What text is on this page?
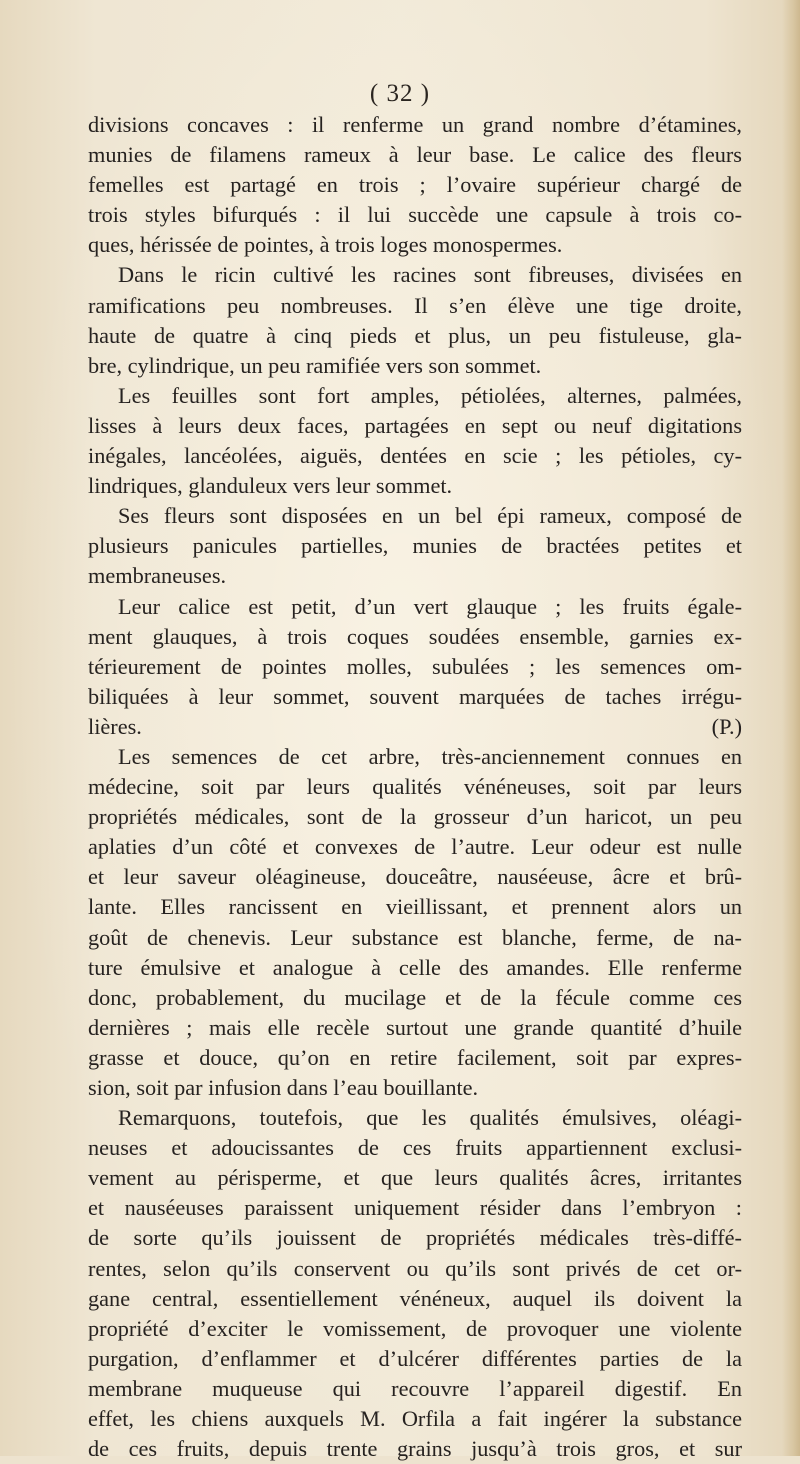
( 32 )

divisions concaves : il renferme un grand nombre d’étamines,
munies de filamens rameux à leur base. Le calice des fleurs
femelles est partagé en trois ; l’ovaire supérieur chargé de
trois styles bifurqués : il lui succède une capsule à trois co-
ques, hérissée de pointes, à trois loges monospermes.

Dans le ricin cultivé les racines sont fibreuses, divisées en
ramifications peu nombreuses. Il s’en élève une tige droite,
haute de quatre à cinq pieds et plus, un peu fistuleuse, gla-
bre, cylindrique, un peu ramifiée vers son sommet.

Les feuilles sont fort amples, pétiolées, alternes, palmées,
lisses à leurs deux faces, partagées en sept ou neuf digitations
inégales, lancéolées, aiguës, dentées en scie ; les pétioles, cy-
lindriques, glanduleux vers leur sommet.

Ses fleurs sont disposées en un bel épi rameux, composé de
plusieurs panicules partielles, munies de bractées petites et
membraneuses.

Leur calice est petit, d’un vert glauque ; les fruits égale-
ment glauques, à trois coques soudées ensemble, garnies ex-
térieurement de pointes molles, subulées ; les semences om-
biliquées à leur sommet, souvent marquées de taches irrégu-
lières.	(P.)

Les semences de cet arbre, très-anciennement connues en
médecine, soit par leurs qualités vénéneuses, soit par leurs
propriétés médicales, sont de la grosseur d’un haricot, un peu
aplaties d’un côté et convexes de l’autre. Leur odeur est nulle
et leur saveur oléagineuse, douceâtre, nauséeuse, âcre et brû-
lante. Elles rancissent en vieillissant, et prennent alors un
goût de chenevis. Leur substance est blanche, ferme, de na-
ture émulsive et analogue à celle des amandes. Elle renferme
donc, probablement, du mucilage et de la fécule comme ces
dernières ; mais elle recèle surtout une grande quantité d’huile
grasse et douce, qu’on en retire facilement, soit par expres-
sion, soit par infusion dans l’eau bouillante.

Remarquons, toutefois, que les qualités émulsives, oléagi-
neuses et adoucissantes de ces fruits appartiennent exclusi-
vement au périsperme, et que leurs qualités âcres, irritantes
et nauséeuses paraissent uniquement résider dans l’embryon :
de sorte qu’ils jouissent de propriétés médicales très-diffé-
rentes, selon qu’ils conservent ou qu’ils sont privés de cet or-
gane central, essentiellement vénéneux, auquel ils doivent la
propriété d’exciter le vomissement, de provoquer une violente
purgation, d’enflammer et d’ulcérer différentes parties de la
membrane muqueuse qui recouvre l’appareil digestif. En
effet, les chiens auxquels M. Orfila a fait ingérer la substance
de ces fruits, depuis trente grains jusqu’à trois gros, et sur
